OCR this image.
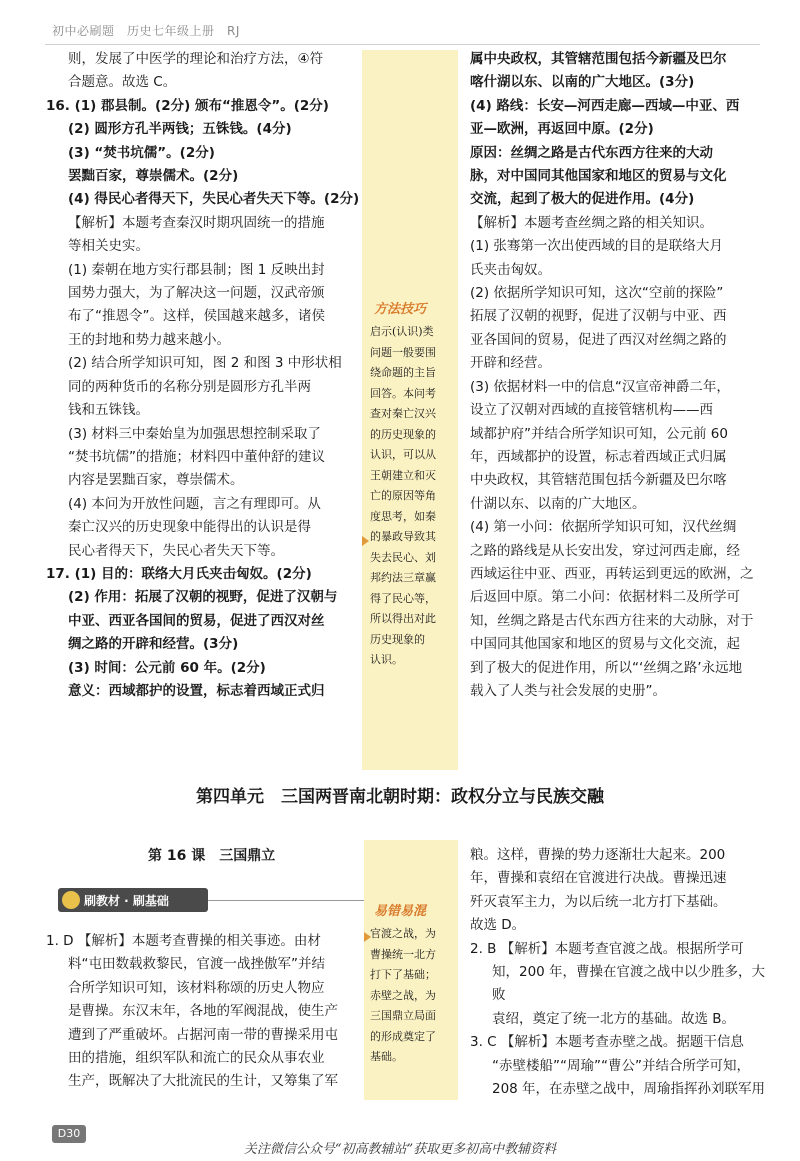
初中必刷题　历史七年级上册　RJ

则，发展了中医学的理论和治疗方法，④符

合题意。故选 C。

16. (1) 郡县制。(2分) 颁布“推恩令”。(2分)

(2) 圆形方孔半两钱；五铢钱。(4分)

(3) “焚书坑儒”。(2分)

罢黜百家，尊崇儒术。(2分)

(4) 得民心者得天下，失民心者失天下等。(2分)

【解析】本题考查秦汉时期巩固统一的措施

等相关史实。

(1) 秦朝在地方实行郡县制；图 1 反映出封

国势力强大，为了解决这一问题，汉武帝颁

布了“推恩令”。这样，侯国越来越多，诸侯

王的封地和势力越来越小。

(2) 结合所学知识可知，图 2 和图 3 中形状相

同的两种货币的名称分别是圆形方孔半两

钱和五铢钱。

(3) 材料三中秦始皇为加强思想控制采取了

“焚书坑儒”的措施；材料四中董仲舒的建议

内容是罢黜百家，尊崇儒术。

(4) 本问为开放性问题，言之有理即可。从

秦亡汉兴的历史现象中能得出的认识是得

民心者得天下，失民心者失天下等。

17. (1) 目的：联络大月氏夹击匈奴。(2分)

(2) 作用：拓展了汉朝的视野，促进了汉朝与

中亚、西亚各国间的贸易，促进了西汉对丝

绸之路的开辟和经营。(3分)

(3) 时间：公元前 60 年。(2分)

意义：西域都护的设置，标志着西域正式归

方法技巧
启示(认识)类
问题一般要围
绕命题的主旨
回答。本问考
查对秦亡汉兴
的历史现象的
认识，可以从
王朝建立和灭
亡的原因等角
度思考，如秦
的暴政导致其
失去民心、刘
邦约法三章赢
得了民心等，
所以得出对此
历史现象的
认识。

属中央政权，其管辖范围包括今新疆及巴尔

喀什湖以东、以南的广大地区。(3分)

(4) 路线：长安—河西走廊—西域—中亚、西

亚—欧洲，再返回中原。(2分)

原因：丝绸之路是古代东西方往来的大动

脉，对中国同其他国家和地区的贸易与文化

交流，起到了极大的促进作用。(4分)

【解析】本题考查丝绸之路的相关知识。

(1) 张骞第一次出使西域的目的是联络大月

氏夹击匈奴。

(2) 依据所学知识可知，这次“空前的探险”

拓展了汉朝的视野，促进了汉朝与中亚、西

亚各国间的贸易，促进了西汉对丝绸之路的

开辟和经营。

(3) 依据材料一中的信息“汉宣帝神爵二年，

设立了汉朝对西域的直接管辖机构——西

域都护府”并结合所学知识可知，公元前 60

年，西域都护的设置，标志着西域正式归属

中央政权，其管辖范围包括今新疆及巴尔喀

什湖以东、以南的广大地区。

(4) 第一小问：依据所学知识可知，汉代丝绸

之路的路线是从长安出发，穿过河西走廊，经

西域运往中亚、西亚，再转运到更远的欧洲，之

后返回中原。第二小问：依据材料二及所学可

知，丝绸之路是古代东西方往来的大动脉，对于

中国同其他国家和地区的贸易与文化交流，起

到了极大的促进作用，所以“‘丝绸之路’永远地

载入了人类与社会发展的史册”。

第四单元　三国两晋南北朝时期：政权分立与民族交融
第 16 课　三国鼎立
刷教材 · 刷基础

1. D 【解析】本题考查曹操的相关事迹。由材

料“屯田数载救黎民，官渡一战挫傲军”并结

合所学知识可知，该材料称颂的历史人物应

是曹操。东汉末年，各地的军阀混战，使生产

遭到了严重破坏。占据河南一带的曹操采用屯

田的措施，组织军队和流亡的民众从事农业

生产，既解决了大批流民的生计，又筹集了军

易错易混
官渡之战，为
曹操统一北方
打下了基础；
赤壁之战，为
三国鼎立局面
的形成奠定了
基础。

粮。这样，曹操的势力逐渐壮大起来。200

年，曹操和袁绍在官渡进行决战。曹操迅速

歼灭袁军主力，为以后统一北方打下基础。

故选 D。

2. B 【解析】本题考查官渡之战。根据所学可

知，200 年，曹操在官渡之战中以少胜多，大败

袁绍，奠定了统一北方的基础。故选 B。

3. C 【解析】本题考查赤壁之战。据题干信息

“赤壁楼船”“周瑜”“曹公”并结合所学可知，

208 年，在赤壁之战中，周瑜指挥孙刘联军用

D30
关注微信公众号“初高教辅站”获取更多初高中教辅资料
